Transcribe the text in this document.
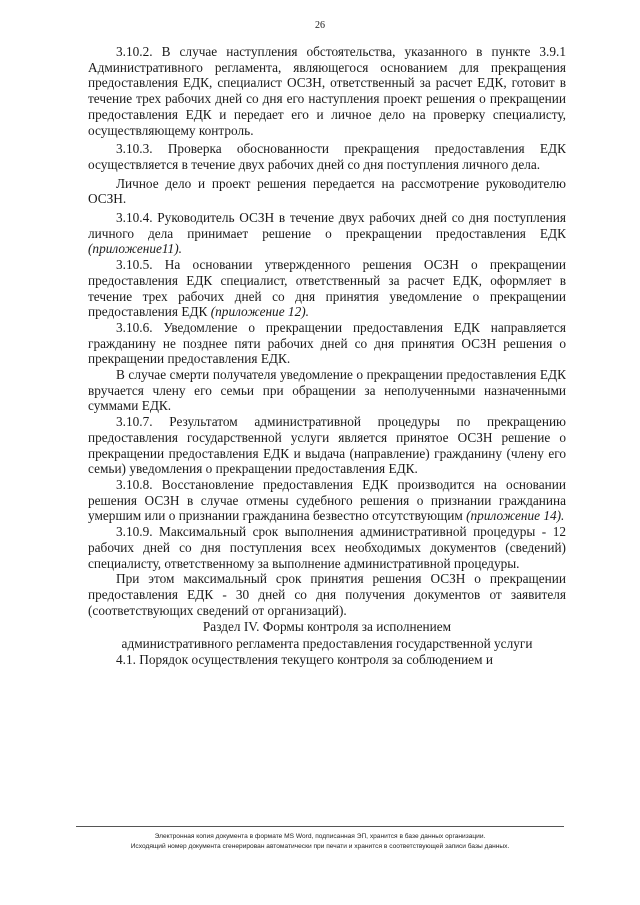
26

3.10.2. В случае наступления обстоятельства, указанного в пункте 3.9.1 Административного регламента, являющегося основанием для прекращения предоставления ЕДК, специалист ОСЗН, ответственный за расчет ЕДК, готовит в течение трех рабочих дней со дня его наступления проект решения о прекращении предоставления ЕДК и передает его и личное дело на проверку специалисту, осуществляющему контроль.

3.10.3. Проверка обоснованности прекращения предоставления ЕДК осуществляется в течение двух рабочих дней со дня поступления личного дела.

Личное дело и проект решения передается на рассмотрение руководителю ОСЗН.

3.10.4. Руководитель ОСЗН в течение двух рабочих дней со дня поступления личного дела принимает решение о прекращении предоставления ЕДК (приложение11).

3.10.5. На основании утвержденного решения ОСЗН о прекращении предоставления ЕДК специалист, ответственный за расчет ЕДК, оформляет в течение трех рабочих дней со дня принятия уведомление о прекращении предоставления ЕДК (приложение 12).

3.10.6. Уведомление о прекращении предоставления ЕДК направляется гражданину не позднее пяти рабочих дней со дня принятия ОСЗН решения о прекращении предоставления ЕДК.

В случае смерти получателя уведомление о прекращении предоставления ЕДК вручается члену его семьи при обращении за неполученными назначенными суммами ЕДК.

3.10.7. Результатом административной процедуры по прекращению предоставления государственной услуги является принятое ОСЗН решение о прекращении предоставления ЕДК и выдача (направление) гражданину (члену его семьи) уведомления о прекращении предоставления ЕДК.

3.10.8. Восстановление предоставления ЕДК производится на основании решения ОСЗН в случае отмены судебного решения о признании гражданина умершим или о признании гражданина безвестно отсутствующим (приложение 14).

3.10.9. Максимальный срок выполнения административной процедуры - 12 рабочих дней со дня поступления всех необходимых документов (сведений) специалисту, ответственному за выполнение административной процедуры.

При этом максимальный срок принятия решения ОСЗН о прекращении предоставления ЕДК - 30 дней со дня получения документов от заявителя (соответствующих сведений от организаций).

Раздел IV. Формы контроля за исполнением
административного регламента предоставления государственной услуги

4.1. Порядок осуществления текущего контроля за соблюдением и

Электронная копия документа в формате MS Word, подписанная ЭП, хранится в базе данных организации.
Исходящий номер документа сгенерирован автоматически при печати и хранится в соответствующей записи базы данных.
